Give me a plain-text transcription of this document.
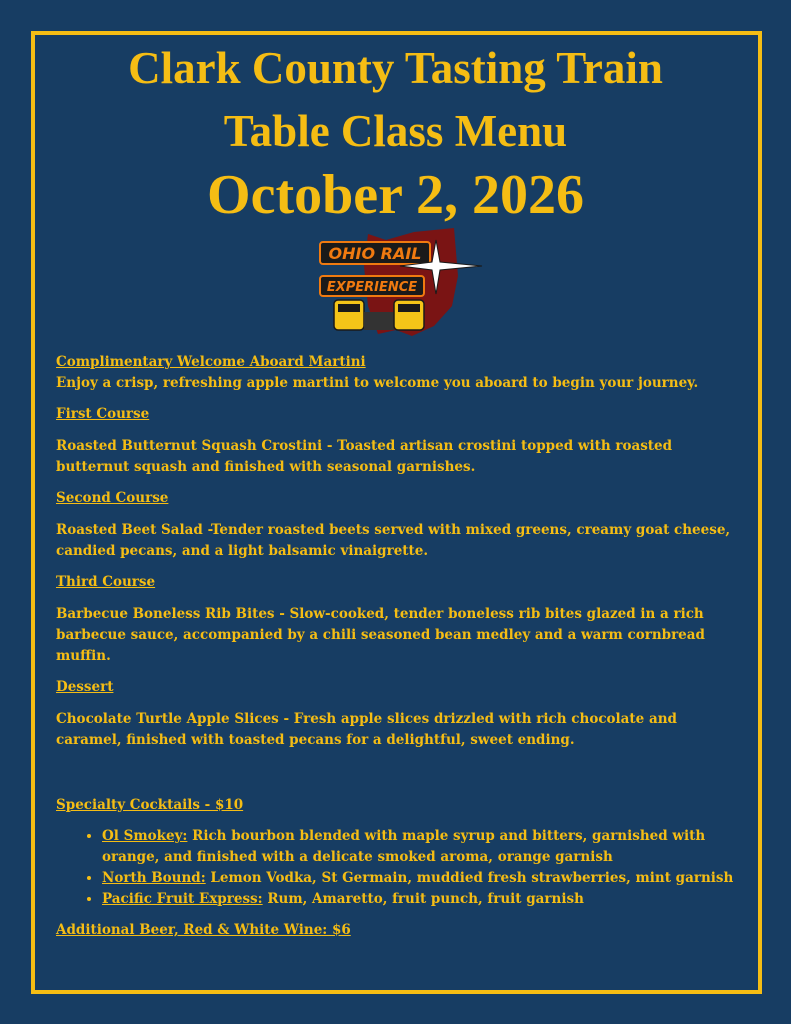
Clark County Tasting Train
Table Class Menu
October 2, 2026
OHIO RAIL
EXPERIENCE
Complimentary Welcome Aboard Martini
Enjoy a crisp, refreshing apple martini to welcome you aboard to begin your journey.
First Course
Roasted Butternut Squash Crostini - Toasted artisan crostini topped with roasted butternut squash and finished with seasonal garnishes.
Second Course
Roasted Beet Salad -Tender roasted beets served with mixed greens, creamy goat cheese, candied pecans, and a light balsamic vinaigrette.
Third Course
Barbecue Boneless Rib Bites - Slow-cooked, tender boneless rib bites glazed in a rich barbecue sauce, accompanied by a chili seasoned bean medley and a warm cornbread muffin.
Dessert
Chocolate Turtle Apple Slices - Fresh apple slices drizzled with rich chocolate and caramel, finished with toasted pecans for a delightful, sweet ending.
Specialty Cocktails - $10
• Ol Smokey: Rich bourbon blended with maple syrup and bitters, garnished with orange, and finished with a delicate smoked aroma, orange garnish
• North Bound: Lemon Vodka, St Germain, muddied fresh strawberries, mint garnish
• Pacific Fruit Express: Rum, Amaretto, fruit punch, fruit garnish
Additional Beer, Red & White Wine: $6
